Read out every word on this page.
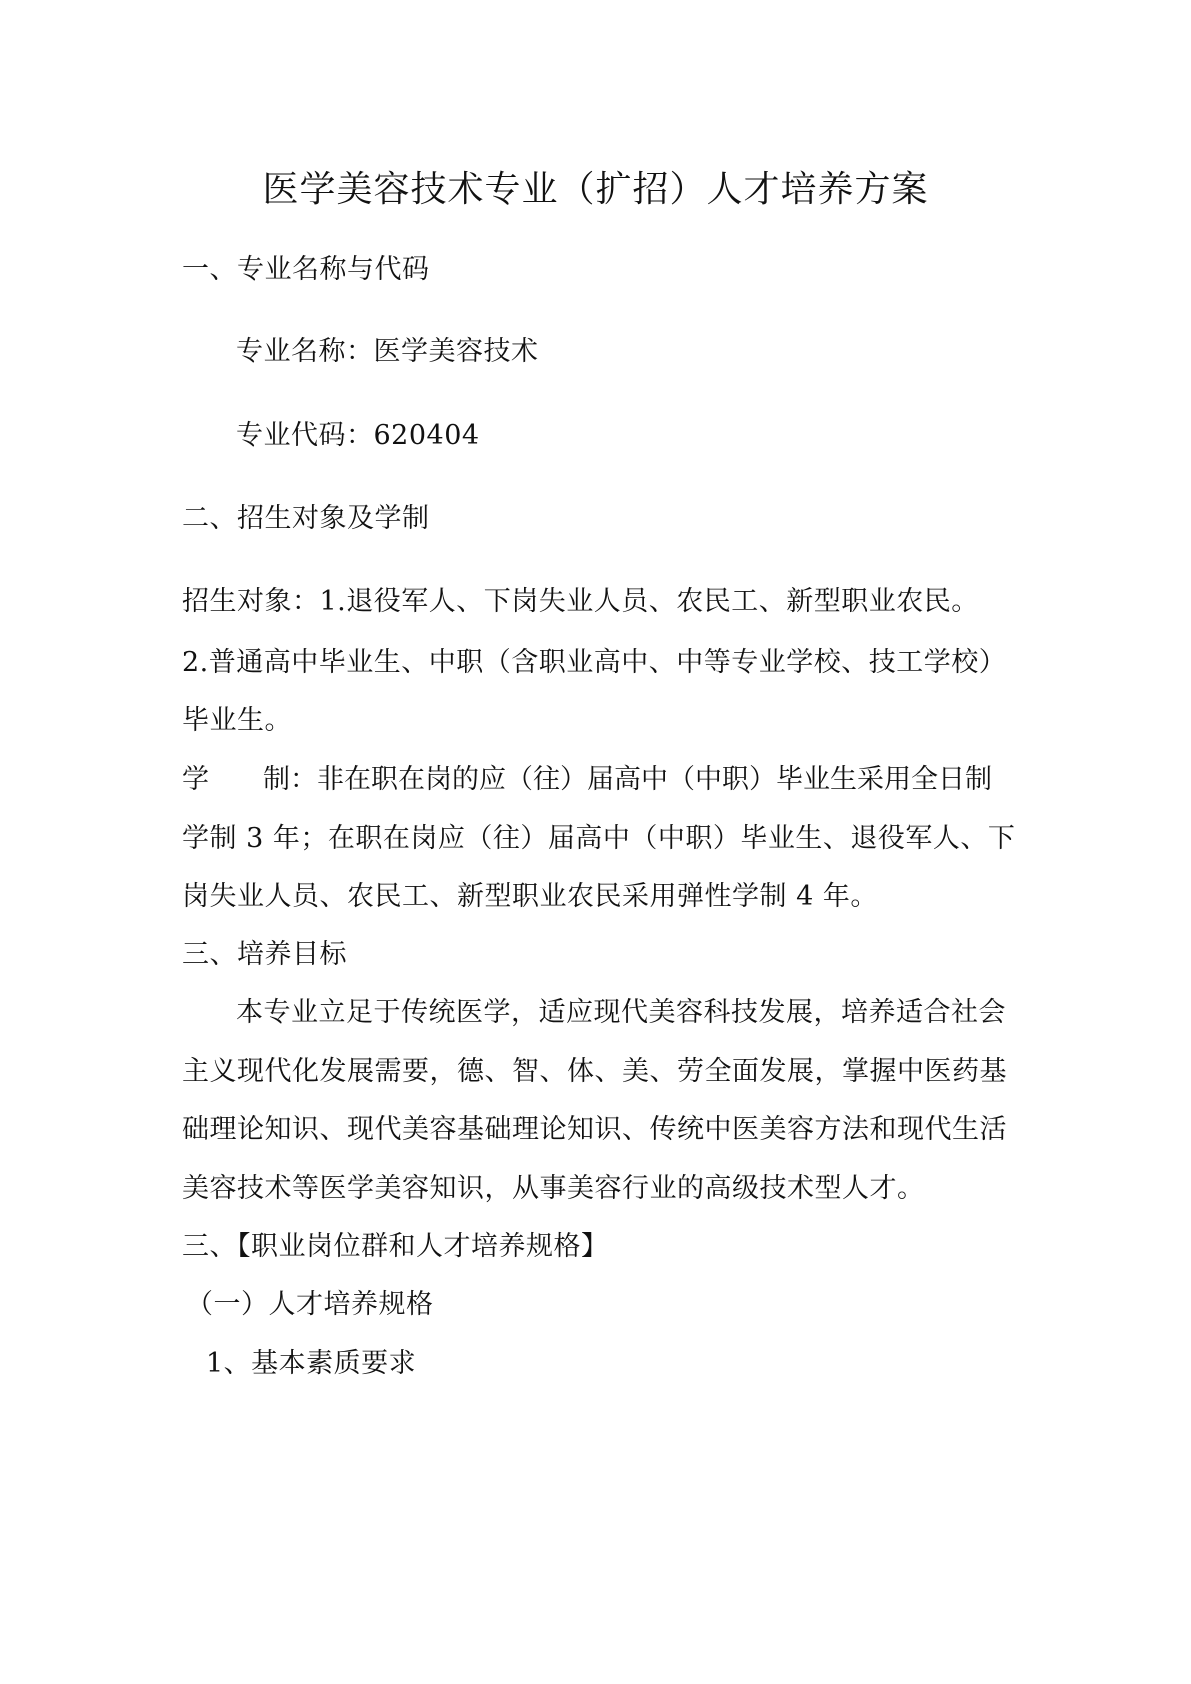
医学美容技术专业（扩招）人才培养方案
一、专业名称与代码
专业名称：医学美容技术
专业代码：620404
二、招生对象及学制
招生对象：1.退役军人、下岗失业人员、农民工、新型职业农民。
2.普通高中毕业生、中职（含职业高中、中等专业学校、技工学校）
毕业生。
学 制：非在职在岗的应（往）届高中（中职）毕业生采用全日制
学制 3 年；在职在岗应（往）届高中（中职）毕业生、退役军人、下
岗失业人员、农民工、新型职业农民采用弹性学制 4 年。
三、培养目标
本专业立足于传统医学，适应现代美容科技发展，培养适合社会
主义现代化发展需要，德、智、体、美、劳全面发展，掌握中医药基
础理论知识、现代美容基础理论知识、传统中医美容方法和现代生活
美容技术等医学美容知识，从事美容行业的高级技术型人才。
三、【职业岗位群和人才培养规格】
（一）人才培养规格
1、基本素质要求
